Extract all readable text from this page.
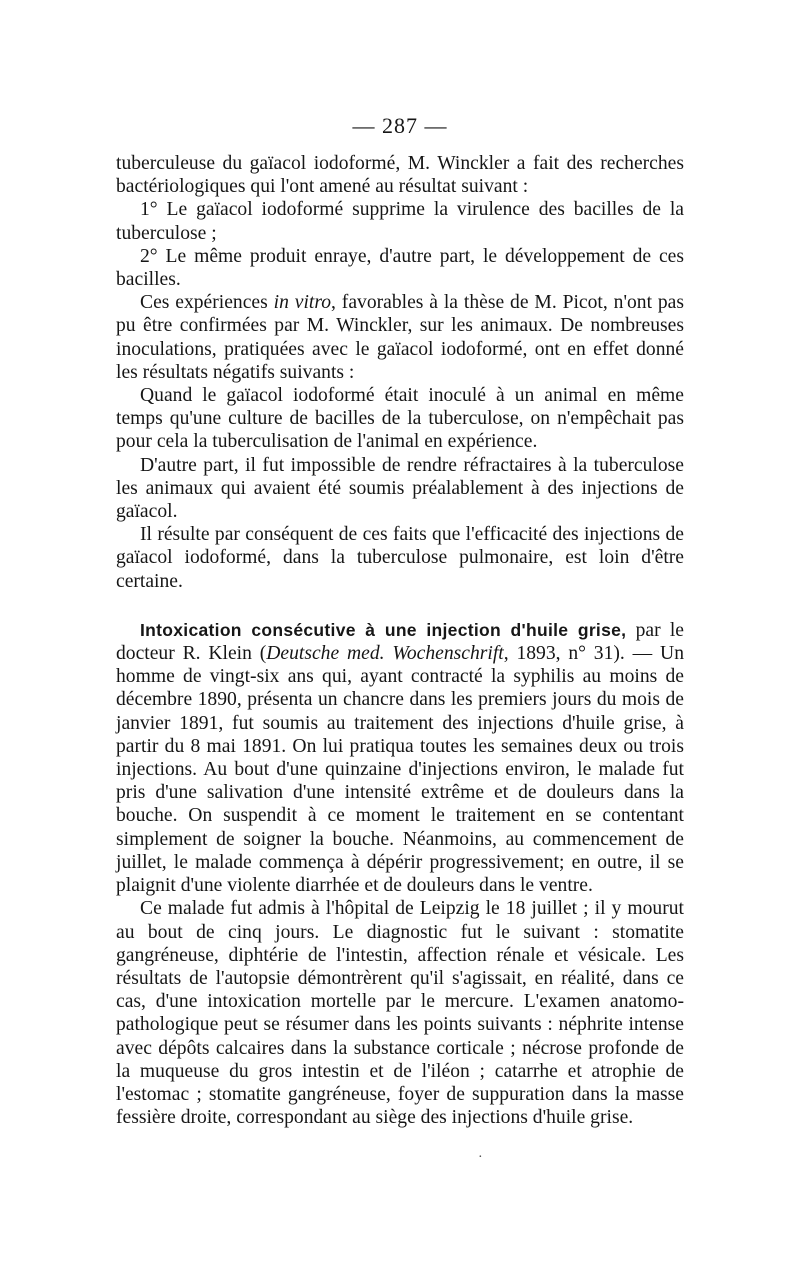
— 287 —

tuberculeuse du gaïacol iodoformé, M. Winckler a fait des recherches bactériologiques qui l'ont amené au résultat suivant :

1° Le gaïacol iodoformé supprime la virulence des bacilles de la tuberculose ;

2° Le même produit enraye, d'autre part, le développement de ces bacilles.

Ces expériences in vitro, favorables à la thèse de M. Picot, n'ont pas pu être confirmées par M. Winckler, sur les animaux. De nombreuses inoculations, pratiquées avec le gaïacol iodoformé, ont en effet donné les résultats négatifs suivants :

Quand le gaïacol iodoformé était inoculé à un animal en même temps qu'une culture de bacilles de la tuberculose, on n'empêchait pas pour cela la tuberculisation de l'animal en expérience.

D'autre part, il fut impossible de rendre réfractaires à la tuberculose les animaux qui avaient été soumis préalablement à des injections de gaïacol.

Il résulte par conséquent de ces faits que l'efficacité des injections de gaïacol iodoformé, dans la tuberculose pulmonaire, est loin d'être certaine.

Intoxication consécutive à une injection d'huile grise, par le docteur R. Klein (Deutsche med. Wochenschrift, 1893, n° 31). — Un homme de vingt-six ans qui, ayant contracté la syphilis au moins de décembre 1890, présenta un chancre dans les premiers jours du mois de janvier 1891, fut soumis au traitement des injections d'huile grise, à partir du 8 mai 1891. On lui pratiqua toutes les semaines deux ou trois injections. Au bout d'une quinzaine d'injections environ, le malade fut pris d'une salivation d'une intensité extrême et de douleurs dans la bouche. On suspendit à ce moment le traitement en se contentant simplement de soigner la bouche. Néanmoins, au commencement de juillet, le malade commença à dépérir progressivement; en outre, il se plaignit d'une violente diarrhée et de douleurs dans le ventre.

Ce malade fut admis à l'hôpital de Leipzig le 18 juillet ; il y mourut au bout de cinq jours. Le diagnostic fut le suivant : stomatite gangréneuse, diphtérie de l'intestin, affection rénale et vésicale. Les résultats de l'autopsie démontrèrent qu'il s'agissait, en réalité, dans ce cas, d'une intoxication mortelle par le mercure. L'examen anatomo-pathologique peut se résumer dans les points suivants : néphrite intense avec dépôts calcaires dans la substance corticale ; nécrose profonde de la muqueuse du gros intestin et de l'iléon ; catarrhe et atrophie de l'estomac ; stomatite gangréneuse, foyer de suppuration dans la masse fessière droite, correspondant au siège des injections d'huile grise.

·
